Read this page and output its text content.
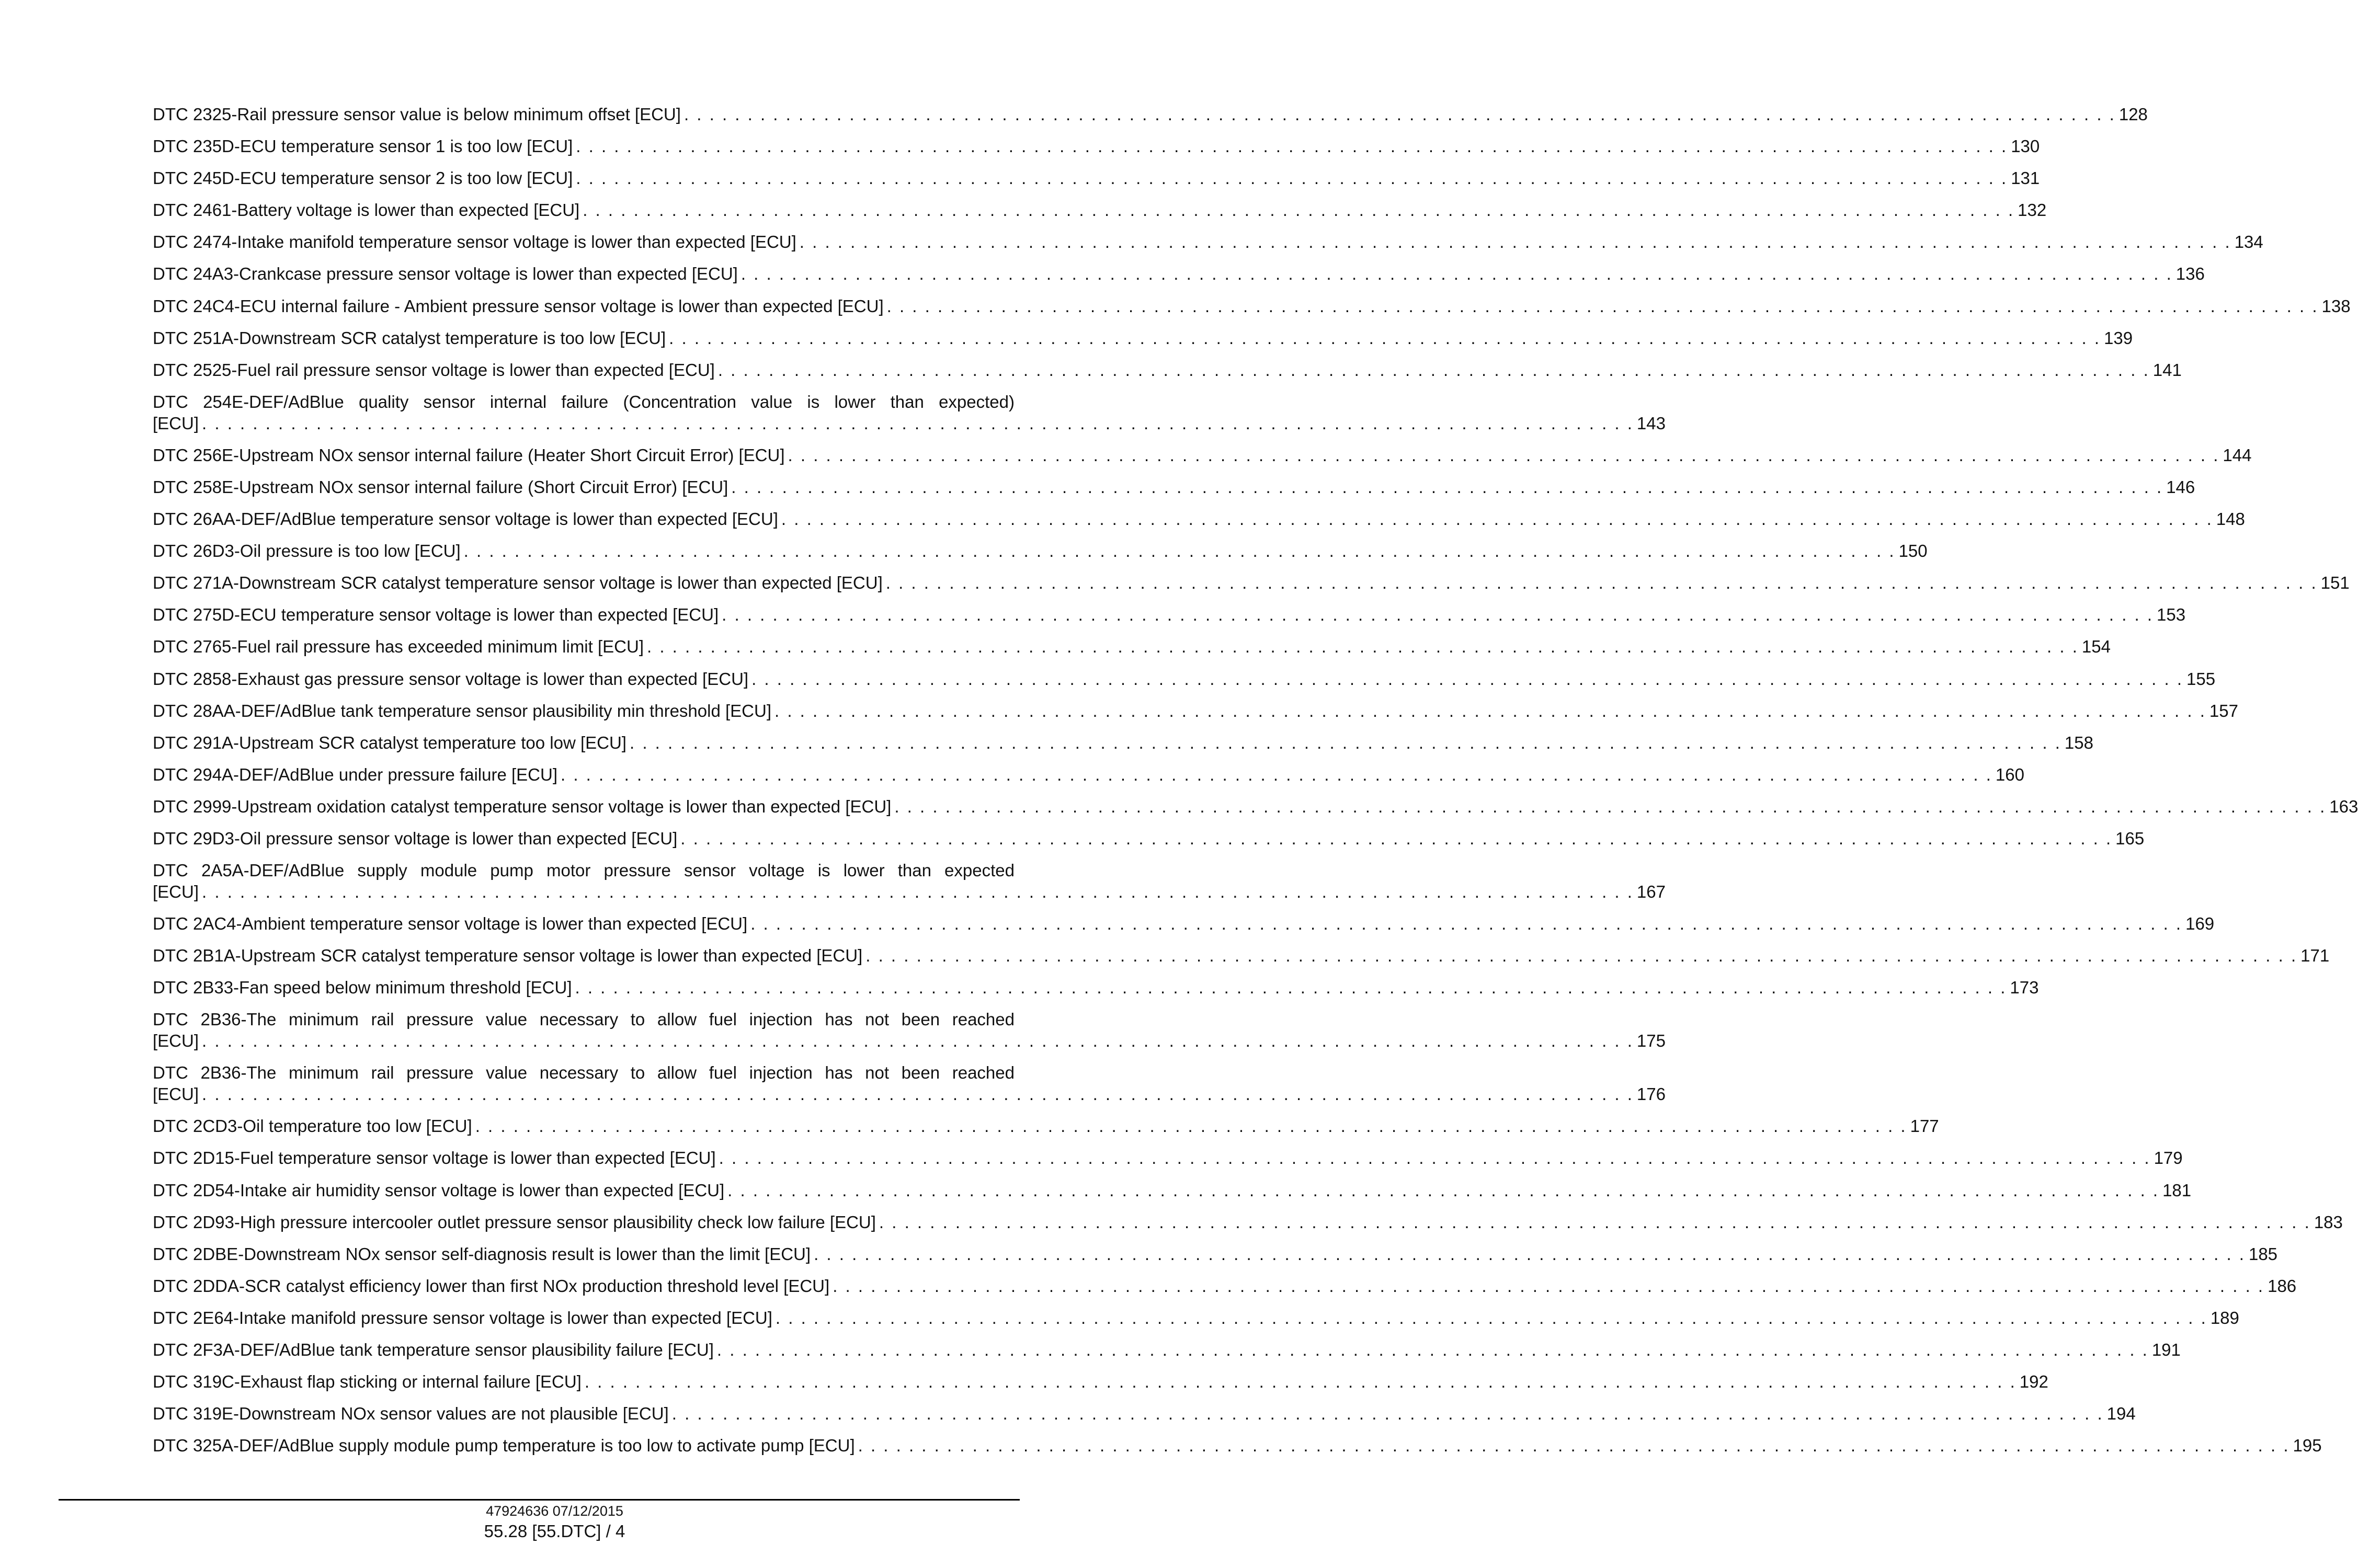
DTC 2325-Rail pressure sensor value is below minimum offset [ECU] . . . . . . . . . . . . . . . . . . . . . . . . . . . . . . . . . . . . . . . . . . . . . . . . . . . . . . . . . . . . . . . . . . . . . . . . . . . . . . . . . . . . . . . . . . . . . . . . . . . . . . . . . . . . . . . . . 128
DTC 235D-ECU temperature sensor 1 is too low [ECU] . . . . . . . . . . . . . . . . . . . . . . . . . . . . . . . . . . . . . . . . . . . . . . . . . . . . . . . . . . . . . . . . . . . . . . . . . . . . . . . . . . . . . . . . . . . . . . . . . . . . . . . . . . . . . . . . . 130
DTC 245D-ECU temperature sensor 2 is too low [ECU] . . . . . . . . . . . . . . . . . . . . . . . . . . . . . . . . . . . . . . . . . . . . . . . . . . . . . . . . . . . . . . . . . . . . . . . . . . . . . . . . . . . . . . . . . . . . . . . . . . . . . . . . . . . . . . . . . 131
DTC 2461-Battery voltage is lower than expected [ECU] . . . . . . . . . . . . . . . . . . . . . . . . . . . . . . . . . . . . . . . . . . . . . . . . . . . . . . . . . . . . . . . . . . . . . . . . . . . . . . . . . . . . . . . . . . . . . . . . . . . . . . . . . . . . . . . . . 132
DTC 2474-Intake manifold temperature sensor voltage is lower than expected [ECU] . . . . . . . . . . . . . . . . . . . . . . . . . . . . . . . . . . . . . . . . . . . . . . . . . . . . . . . . . . . . . . . . . . . . . . . . . . . . . . . . . . . . . . . . . . . . . . . . . . . . . . . . . . . . . . . . . 134
DTC 24A3-Crankcase pressure sensor voltage is lower than expected [ECU] . . . . . . . . . . . . . . . . . . . . . . . . . . . . . . . . . . . . . . . . . . . . . . . . . . . . . . . . . . . . . . . . . . . . . . . . . . . . . . . . . . . . . . . . . . . . . . . . . . . . . . . . . . . . . . . . . 136
DTC 24C4-ECU internal failure - Ambient pressure sensor voltage is lower than expected [ECU] . . . . . . . . . . . . . . . . . . . . . . . . . . . . . . . . . . . . . . . . . . . . . . . . . . . . . . . . . . . . . . . . . . . . . . . . . . . . . . . . . . . . . . . . . . . . . . . . . . . . . . . . . . . . . . . . . 138
DTC 251A-Downstream SCR catalyst temperature is too low [ECU] . . . . . . . . . . . . . . . . . . . . . . . . . . . . . . . . . . . . . . . . . . . . . . . . . . . . . . . . . . . . . . . . . . . . . . . . . . . . . . . . . . . . . . . . . . . . . . . . . . . . . . . . . . . . . . . . . 139
DTC 2525-Fuel rail pressure sensor voltage is lower than expected [ECU] . . . . . . . . . . . . . . . . . . . . . . . . . . . . . . . . . . . . . . . . . . . . . . . . . . . . . . . . . . . . . . . . . . . . . . . . . . . . . . . . . . . . . . . . . . . . . . . . . . . . . . . . . . . . . . . . . 141
DTC 254E-DEF/AdBlue quality sensor internal failure (Concentration value is lower than expected)
[ECU] . . . . . . . . . . . . . . . . . . . . . . . . . . . . . . . . . . . . . . . . . . . . . . . . . . . . . . . . . . . . . . . . . . . . . . . . . . . . . . . . . . . . . . . . . . . . . . . . . . . . . . . . . . . . . . . . . 143
DTC 256E-Upstream NOx sensor internal failure (Heater Short Circuit Error) [ECU] . . . . . . . . . . . . . . . . . . . . . . . . . . . . . . . . . . . . . . . . . . . . . . . . . . . . . . . . . . . . . . . . . . . . . . . . . . . . . . . . . . . . . . . . . . . . . . . . . . . . . . . . . . . . . . . . . 144
DTC 258E-Upstream NOx sensor internal failure (Short Circuit Error) [ECU] . . . . . . . . . . . . . . . . . . . . . . . . . . . . . . . . . . . . . . . . . . . . . . . . . . . . . . . . . . . . . . . . . . . . . . . . . . . . . . . . . . . . . . . . . . . . . . . . . . . . . . . . . . . . . . . . . 146
DTC 26AA-DEF/AdBlue temperature sensor voltage is lower than expected [ECU] . . . . . . . . . . . . . . . . . . . . . . . . . . . . . . . . . . . . . . . . . . . . . . . . . . . . . . . . . . . . . . . . . . . . . . . . . . . . . . . . . . . . . . . . . . . . . . . . . . . . . . . . . . . . . . . . . 148
DTC 26D3-Oil pressure is too low [ECU] . . . . . . . . . . . . . . . . . . . . . . . . . . . . . . . . . . . . . . . . . . . . . . . . . . . . . . . . . . . . . . . . . . . . . . . . . . . . . . . . . . . . . . . . . . . . . . . . . . . . . . . . . . . . . . . . . 150
DTC 271A-Downstream SCR catalyst temperature sensor voltage is lower than expected [ECU] . . . . . . . . . . . . . . . . . . . . . . . . . . . . . . . . . . . . . . . . . . . . . . . . . . . . . . . . . . . . . . . . . . . . . . . . . . . . . . . . . . . . . . . . . . . . . . . . . . . . . . . . . . . . . . . . . 151
DTC 275D-ECU temperature sensor voltage is lower than expected [ECU] . . . . . . . . . . . . . . . . . . . . . . . . . . . . . . . . . . . . . . . . . . . . . . . . . . . . . . . . . . . . . . . . . . . . . . . . . . . . . . . . . . . . . . . . . . . . . . . . . . . . . . . . . . . . . . . . . 153
DTC 2765-Fuel rail pressure has exceeded minimum limit [ECU] . . . . . . . . . . . . . . . . . . . . . . . . . . . . . . . . . . . . . . . . . . . . . . . . . . . . . . . . . . . . . . . . . . . . . . . . . . . . . . . . . . . . . . . . . . . . . . . . . . . . . . . . . . . . . . . . . 154
DTC 2858-Exhaust gas pressure sensor voltage is lower than expected [ECU] . . . . . . . . . . . . . . . . . . . . . . . . . . . . . . . . . . . . . . . . . . . . . . . . . . . . . . . . . . . . . . . . . . . . . . . . . . . . . . . . . . . . . . . . . . . . . . . . . . . . . . . . . . . . . . . . . 155
DTC 28AA-DEF/AdBlue tank temperature sensor plausibility min threshold [ECU] . . . . . . . . . . . . . . . . . . . . . . . . . . . . . . . . . . . . . . . . . . . . . . . . . . . . . . . . . . . . . . . . . . . . . . . . . . . . . . . . . . . . . . . . . . . . . . . . . . . . . . . . . . . . . . . . . 157
DTC 291A-Upstream SCR catalyst temperature too low [ECU] . . . . . . . . . . . . . . . . . . . . . . . . . . . . . . . . . . . . . . . . . . . . . . . . . . . . . . . . . . . . . . . . . . . . . . . . . . . . . . . . . . . . . . . . . . . . . . . . . . . . . . . . . . . . . . . . . 158
DTC 294A-DEF/AdBlue under pressure failure [ECU] . . . . . . . . . . . . . . . . . . . . . . . . . . . . . . . . . . . . . . . . . . . . . . . . . . . . . . . . . . . . . . . . . . . . . . . . . . . . . . . . . . . . . . . . . . . . . . . . . . . . . . . . . . . . . . . . . 160
DTC 2999-Upstream oxidation catalyst temperature sensor voltage is lower than expected [ECU] . . . . . . . . . . . . . . . . . . . . . . . . . . . . . . . . . . . . . . . . . . . . . . . . . . . . . . . . . . . . . . . . . . . . . . . . . . . . . . . . . . . . . . . . . . . . . . . . . . . . . . . . . . . . . . . . . 163
DTC 29D3-Oil pressure sensor voltage is lower than expected [ECU] . . . . . . . . . . . . . . . . . . . . . . . . . . . . . . . . . . . . . . . . . . . . . . . . . . . . . . . . . . . . . . . . . . . . . . . . . . . . . . . . . . . . . . . . . . . . . . . . . . . . . . . . . . . . . . . . . 165
DTC 2A5A-DEF/AdBlue supply module pump motor pressure sensor voltage is lower than expected
[ECU] . . . . . . . . . . . . . . . . . . . . . . . . . . . . . . . . . . . . . . . . . . . . . . . . . . . . . . . . . . . . . . . . . . . . . . . . . . . . . . . . . . . . . . . . . . . . . . . . . . . . . . . . . . . . . . . . . 167
DTC 2AC4-Ambient temperature sensor voltage is lower than expected [ECU] . . . . . . . . . . . . . . . . . . . . . . . . . . . . . . . . . . . . . . . . . . . . . . . . . . . . . . . . . . . . . . . . . . . . . . . . . . . . . . . . . . . . . . . . . . . . . . . . . . . . . . . . . . . . . . . . . 169
DTC 2B1A-Upstream SCR catalyst temperature sensor voltage is lower than expected [ECU] . . . . . . . . . . . . . . . . . . . . . . . . . . . . . . . . . . . . . . . . . . . . . . . . . . . . . . . . . . . . . . . . . . . . . . . . . . . . . . . . . . . . . . . . . . . . . . . . . . . . . . . . . . . . . . . . . 171
DTC 2B33-Fan speed below minimum threshold [ECU] . . . . . . . . . . . . . . . . . . . . . . . . . . . . . . . . . . . . . . . . . . . . . . . . . . . . . . . . . . . . . . . . . . . . . . . . . . . . . . . . . . . . . . . . . . . . . . . . . . . . . . . . . . . . . . . . . 173
DTC 2B36-The minimum rail pressure value necessary to allow fuel injection has not been reached
[ECU] . . . . . . . . . . . . . . . . . . . . . . . . . . . . . . . . . . . . . . . . . . . . . . . . . . . . . . . . . . . . . . . . . . . . . . . . . . . . . . . . . . . . . . . . . . . . . . . . . . . . . . . . . . . . . . . . . 175
DTC 2B36-The minimum rail pressure value necessary to allow fuel injection has not been reached
[ECU] . . . . . . . . . . . . . . . . . . . . . . . . . . . . . . . . . . . . . . . . . . . . . . . . . . . . . . . . . . . . . . . . . . . . . . . . . . . . . . . . . . . . . . . . . . . . . . . . . . . . . . . . . . . . . . . . . 176
DTC 2CD3-Oil temperature too low [ECU] . . . . . . . . . . . . . . . . . . . . . . . . . . . . . . . . . . . . . . . . . . . . . . . . . . . . . . . . . . . . . . . . . . . . . . . . . . . . . . . . . . . . . . . . . . . . . . . . . . . . . . . . . . . . . . . . . 177
DTC 2D15-Fuel temperature sensor voltage is lower than expected [ECU] . . . . . . . . . . . . . . . . . . . . . . . . . . . . . . . . . . . . . . . . . . . . . . . . . . . . . . . . . . . . . . . . . . . . . . . . . . . . . . . . . . . . . . . . . . . . . . . . . . . . . . . . . . . . . . . . . 179
DTC 2D54-Intake air humidity sensor voltage is lower than expected [ECU] . . . . . . . . . . . . . . . . . . . . . . . . . . . . . . . . . . . . . . . . . . . . . . . . . . . . . . . . . . . . . . . . . . . . . . . . . . . . . . . . . . . . . . . . . . . . . . . . . . . . . . . . . . . . . . . . . 181
DTC 2D93-High pressure intercooler outlet pressure sensor plausibility check low failure [ECU] . . . . . . . . . . . . . . . . . . . . . . . . . . . . . . . . . . . . . . . . . . . . . . . . . . . . . . . . . . . . . . . . . . . . . . . . . . . . . . . . . . . . . . . . . . . . . . . . . . . . . . . . . . . . . . . . . 183
DTC 2DBE-Downstream NOx sensor self-diagnosis result is lower than the limit [ECU] . . . . . . . . . . . . . . . . . . . . . . . . . . . . . . . . . . . . . . . . . . . . . . . . . . . . . . . . . . . . . . . . . . . . . . . . . . . . . . . . . . . . . . . . . . . . . . . . . . . . . . . . . . . . . . . . . 185
DTC 2DDA-SCR catalyst efficiency lower than first NOx production threshold level [ECU] . . . . . . . . . . . . . . . . . . . . . . . . . . . . . . . . . . . . . . . . . . . . . . . . . . . . . . . . . . . . . . . . . . . . . . . . . . . . . . . . . . . . . . . . . . . . . . . . . . . . . . . . . . . . . . . . . 186
DTC 2E64-Intake manifold pressure sensor voltage is lower than expected [ECU] . . . . . . . . . . . . . . . . . . . . . . . . . . . . . . . . . . . . . . . . . . . . . . . . . . . . . . . . . . . . . . . . . . . . . . . . . . . . . . . . . . . . . . . . . . . . . . . . . . . . . . . . . . . . . . . . . 189
DTC 2F3A-DEF/AdBlue tank temperature sensor plausibility failure [ECU] . . . . . . . . . . . . . . . . . . . . . . . . . . . . . . . . . . . . . . . . . . . . . . . . . . . . . . . . . . . . . . . . . . . . . . . . . . . . . . . . . . . . . . . . . . . . . . . . . . . . . . . . . . . . . . . . . 191
DTC 319C-Exhaust flap sticking or internal failure [ECU] . . . . . . . . . . . . . . . . . . . . . . . . . . . . . . . . . . . . . . . . . . . . . . . . . . . . . . . . . . . . . . . . . . . . . . . . . . . . . . . . . . . . . . . . . . . . . . . . . . . . . . . . . . . . . . . . . 192
DTC 319E-Downstream NOx sensor values are not plausible [ECU] . . . . . . . . . . . . . . . . . . . . . . . . . . . . . . . . . . . . . . . . . . . . . . . . . . . . . . . . . . . . . . . . . . . . . . . . . . . . . . . . . . . . . . . . . . . . . . . . . . . . . . . . . . . . . . . . . 194
DTC 325A-DEF/AdBlue supply module pump temperature is too low to activate pump [ECU] . . . . . . . . . . . . . . . . . . . . . . . . . . . . . . . . . . . . . . . . . . . . . . . . . . . . . . . . . . . . . . . . . . . . . . . . . . . . . . . . . . . . . . . . . . . . . . . . . . . . . . . . . . . . . . . . . 195
47924636 07/12/2015
55.28 [55.DTC] / 4
